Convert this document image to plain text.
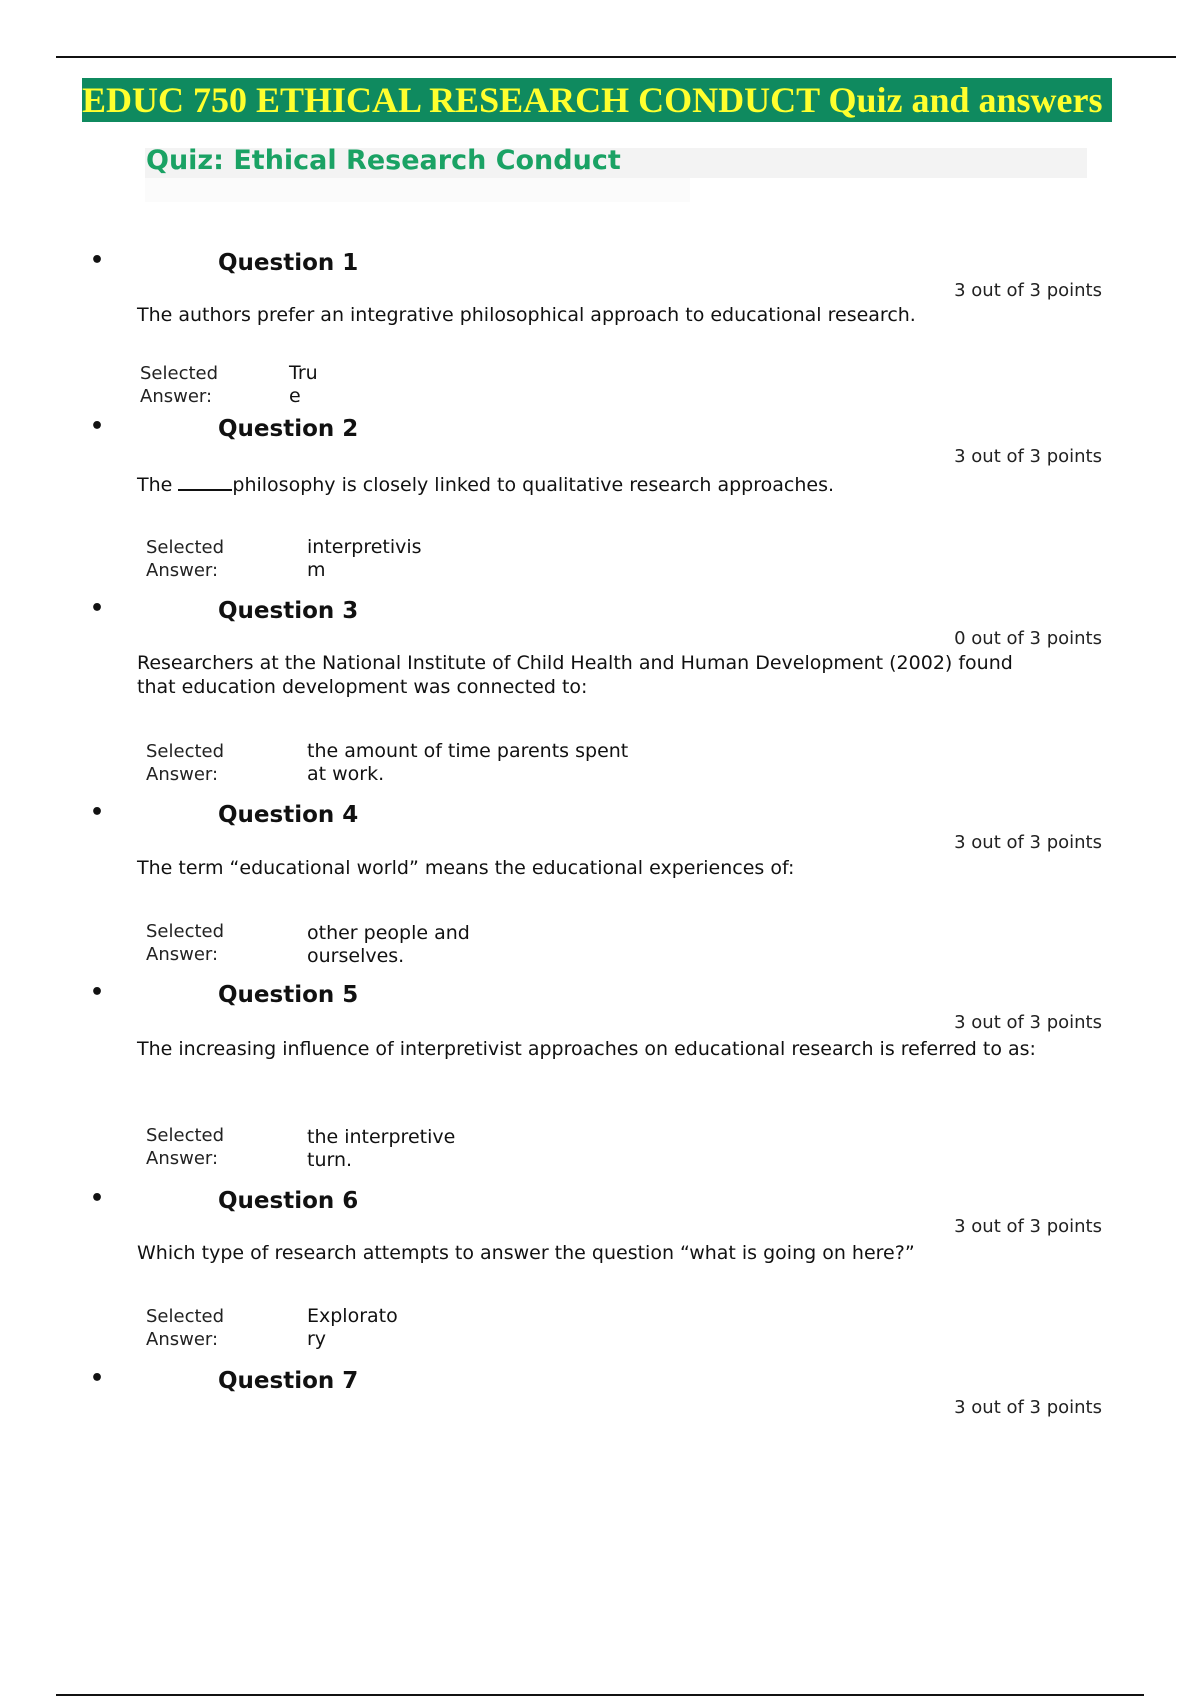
EDUC 750 ETHICAL RESEARCH CONDUCT Quiz and answers
Quiz: Ethical Research Conduct
•	Question 1
3 out of 3 points
The authors prefer an integrative philosophical approach to educational research.
Selected
Answer:
Tru
e
•	Question 2
3 out of 3 points
The	philosophy is closely linked to qualitative research approaches.
Selected
Answer:
interpretivis
m
•	Question 3
0 out of 3 points
Researchers at the National Institute of Child Health and Human Development (2002) found that education development was connected to:
Selected
Answer:
the amount of time parents spent
at work.
•	Question 4
3 out of 3 points
The term “educational world” means the educational experiences of:
Selected
Answer:
other people and
ourselves.
•	Question 5
3 out of 3 points
The increasing influence of interpretivist approaches on educational research is referred to as:
Selected
Answer:
the interpretive
turn.
•	Question 6
3 out of 3 points
Which type of research attempts to answer the question “what is going on here?”
Selected
Answer:
Explorato
ry
•	Question 7
3 out of 3 points
